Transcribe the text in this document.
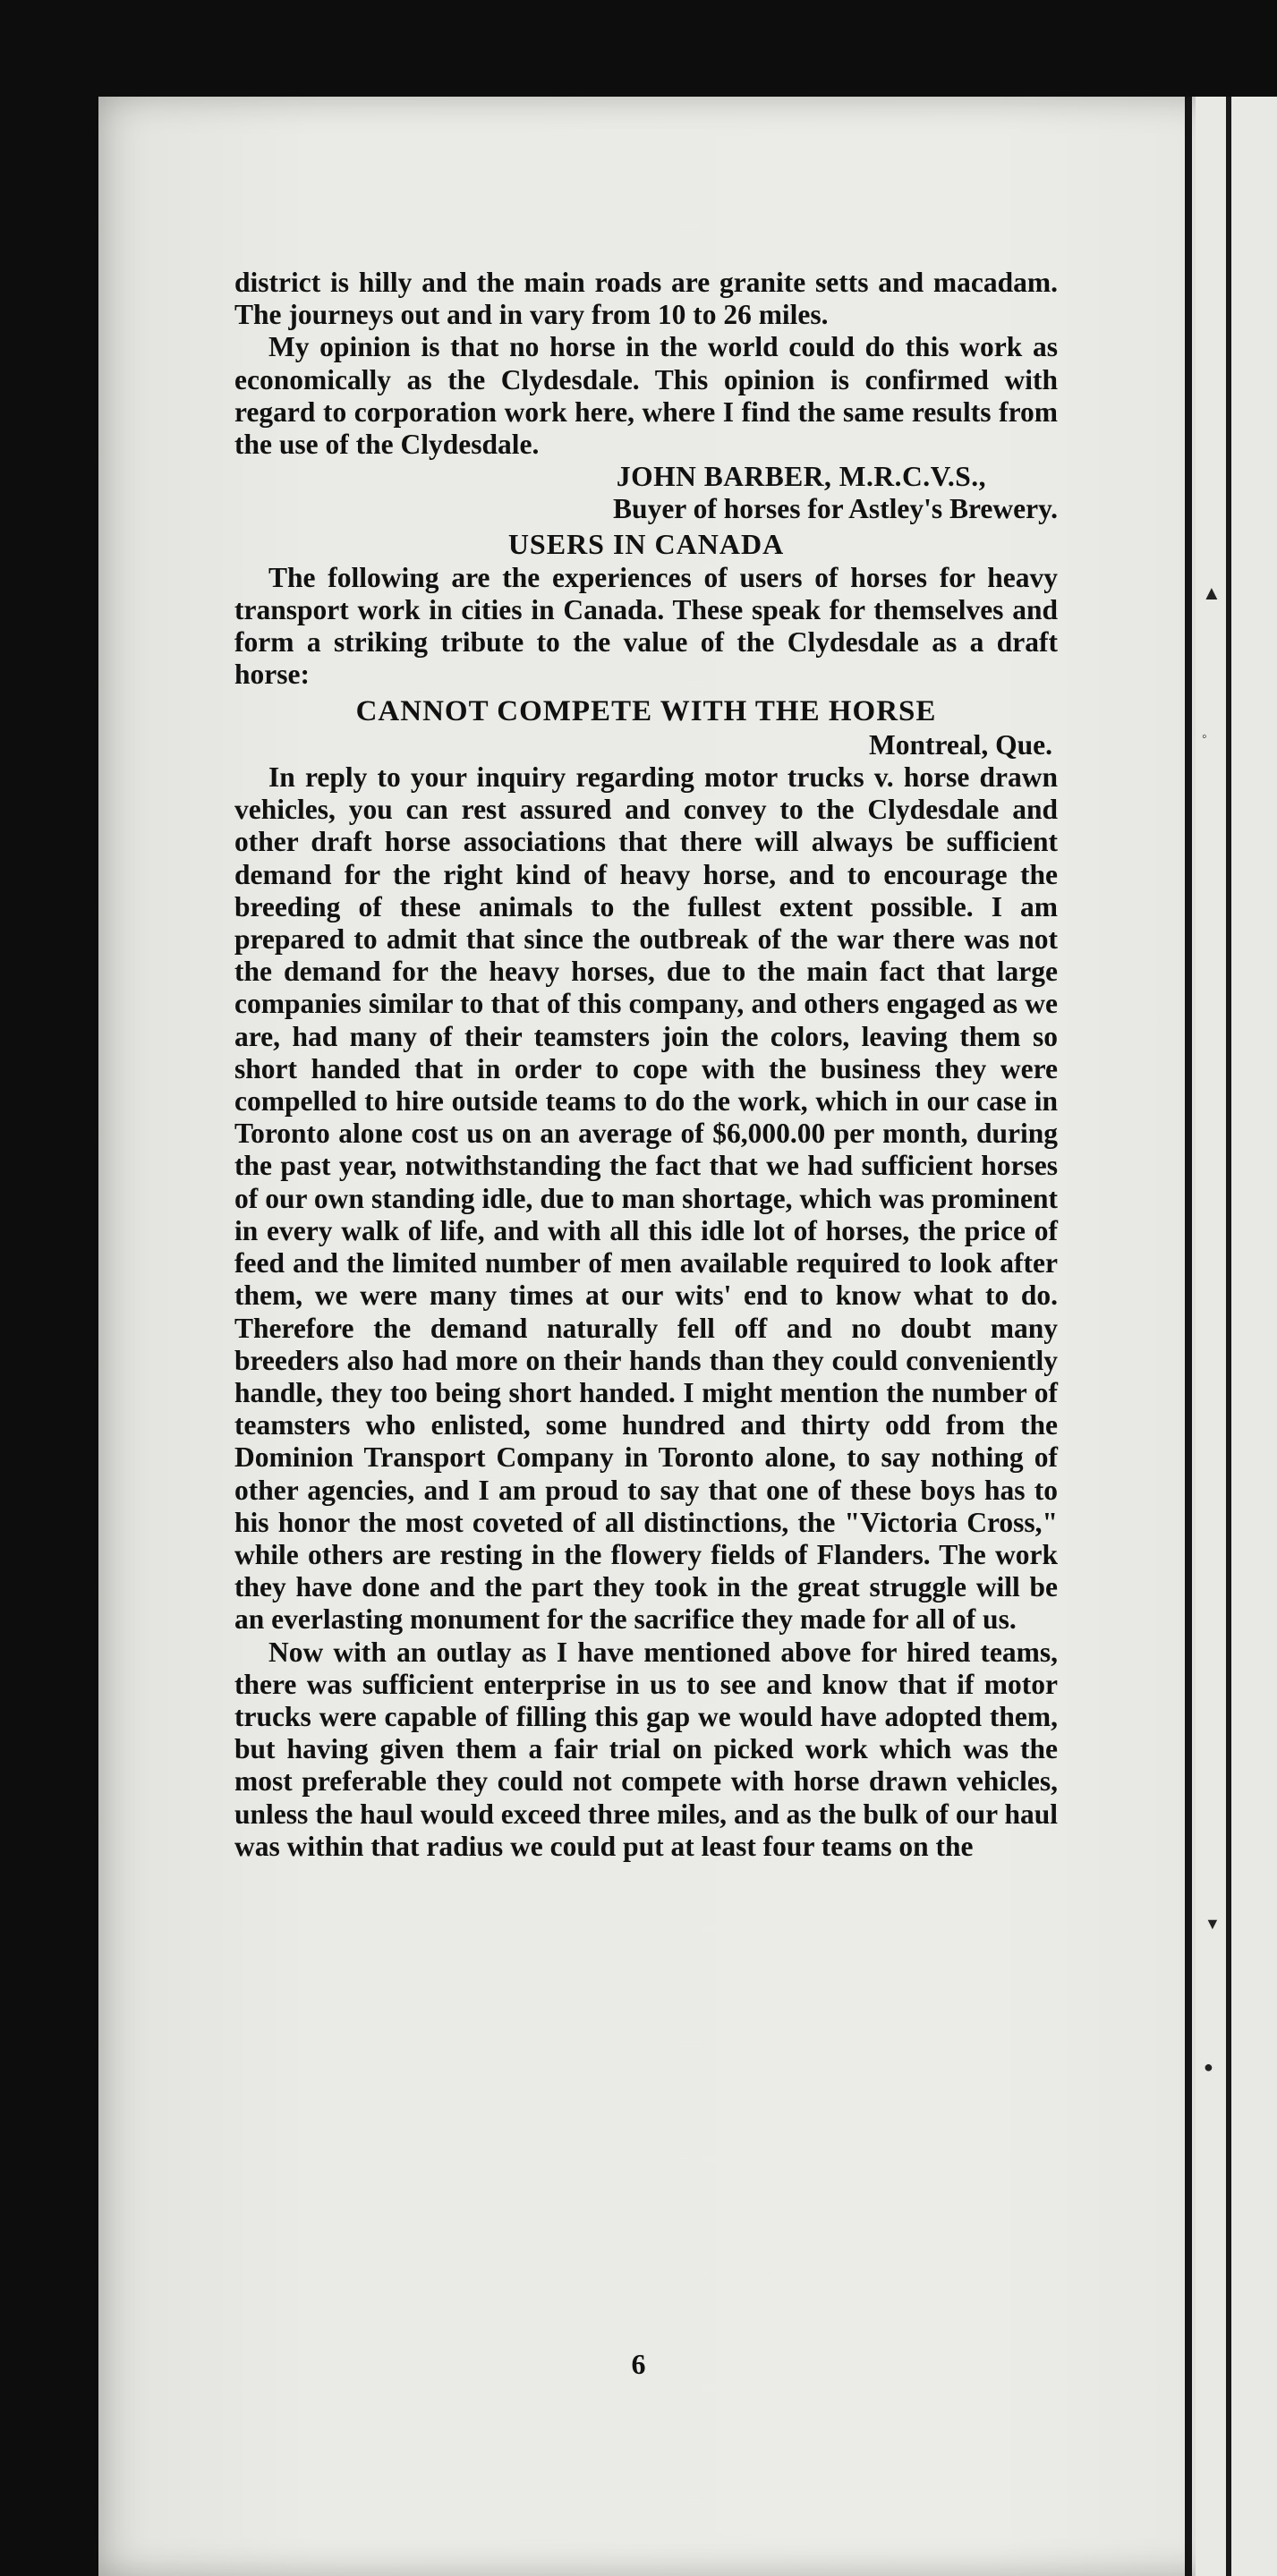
▲
◦
▼
●

district is hilly and the main roads are granite setts and macadam. The journeys out and in vary from 10 to 26 miles.

My opinion is that no horse in the world could do this work as economically as the Clydesdale. This opinion is confirmed with regard to corporation work here, where I find the same results from the use of the Clydesdale.

JOHN BARBER, M.R.C.V.S.,
Buyer of horses for Astley's Brewery.
USERS IN CANADA

The following are the experiences of users of horses for heavy transport work in cities in Canada. These speak for themselves and form a striking tribute to the value of the Clydesdale as a draft horse:

CANNOT COMPETE WITH THE HORSE
Montreal, Que.

In reply to your inquiry regarding motor trucks v. horse drawn vehicles, you can rest assured and convey to the Clydesdale and other draft horse associations that there will always be sufficient demand for the right kind of heavy horse, and to encourage the breeding of these animals to the fullest extent possible. I am prepared to admit that since the outbreak of the war there was not the demand for the heavy horses, due to the main fact that large companies similar to that of this company, and others engaged as we are, had many of their teamsters join the colors, leaving them so short handed that in order to cope with the business they were compelled to hire outside teams to do the work, which in our case in Toronto alone cost us on an average of $6,000.00 per month, during the past year, notwithstanding the fact that we had sufficient horses of our own standing idle, due to man shortage, which was prominent in every walk of life, and with all this idle lot of horses, the price of feed and the limited number of men available required to look after them, we were many times at our wits' end to know what to do. Therefore the demand naturally fell off and no doubt many breeders also had more on their hands than they could conveniently handle, they too being short handed. I might mention the number of teamsters who enlisted, some hundred and thirty odd from the Dominion Transport Company in Toronto alone, to say nothing of other agencies, and I am proud to say that one of these boys has to his honor the most coveted of all distinctions, the "Victoria Cross," while others are resting in the flowery fields of Flanders. The work they have done and the part they took in the great struggle will be an everlasting monument for the sacrifice they made for all of us.

Now with an outlay as I have mentioned above for hired teams, there was sufficient enterprise in us to see and know that if motor trucks were capable of filling this gap we would have adopted them, but having given them a fair trial on picked work which was the most preferable they could not compete with horse drawn vehicles, unless the haul would exceed three miles, and as the bulk of our haul was within that radius we could put at least four teams on the

6
